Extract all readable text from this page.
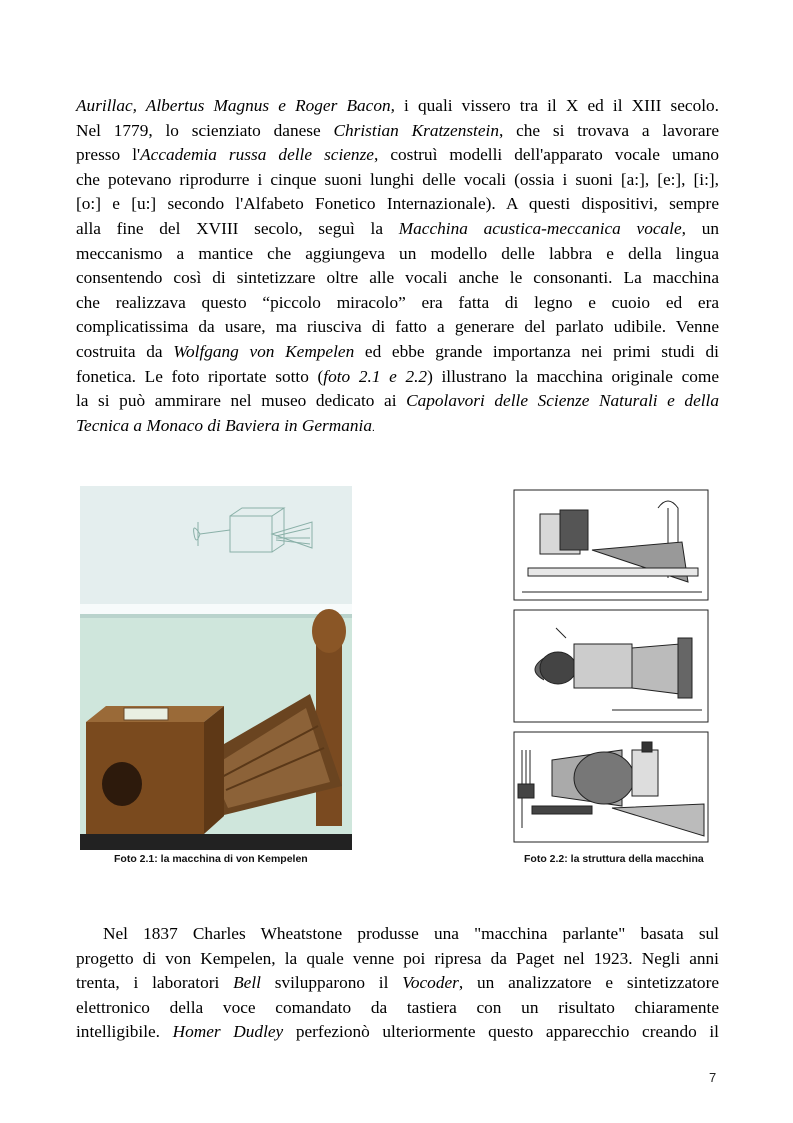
Aurillac, Albertus Magnus e Roger Bacon, i quali vissero tra il X ed il XIII secolo.
Nel 1779, lo scienziato danese Christian Kratzenstein, che si trovava a lavorare
presso l'Accademia russa delle scienze, costruì modelli dell'apparato vocale umano
che potevano riprodurre i cinque suoni lunghi delle vocali (ossia i suoni [a:], [e:], [i:],
[o:] e [u:] secondo l'Alfabeto Fonetico Internazionale). A questi dispositivi, sempre
alla fine del XVIII secolo, seguì la Macchina acustica-meccanica vocale, un
meccanismo a mantice che aggiungeva un modello delle labbra e della lingua
consentendo così di sintetizzare oltre alle vocali anche le consonanti. La macchina
che realizzava questo “piccolo miracolo” era fatta di legno e cuoio ed era
complicatissima da usare, ma riusciva di fatto a generare del parlato udibile. Venne
costruita da Wolfgang von Kempelen ed ebbe grande importanza nei primi studi di
fonetica. Le foto riportate sotto (foto 2.1 e 2.2) illustrano la macchina originale come
la si può ammirare nel museo dedicato ai Capolavori delle Scienze Naturali e della
Tecnica a Monaco di Baviera in Germania.

Foto 2.1: la macchina di von Kempelen	Foto 2.2: la struttura della macchina

Nel 1837 Charles Wheatstone produsse una "macchina parlante" basata sul
progetto di von Kempelen, la quale venne poi ripresa da Paget nel 1923. Negli anni
trenta, i laboratori Bell svilupparono il Vocoder, un analizzatore e sintetizzatore
elettronico della voce comandato da tastiera con un risultato chiaramente
intelligibile. Homer Dudley perfezionò ulteriormente questo apparecchio creando il

7
